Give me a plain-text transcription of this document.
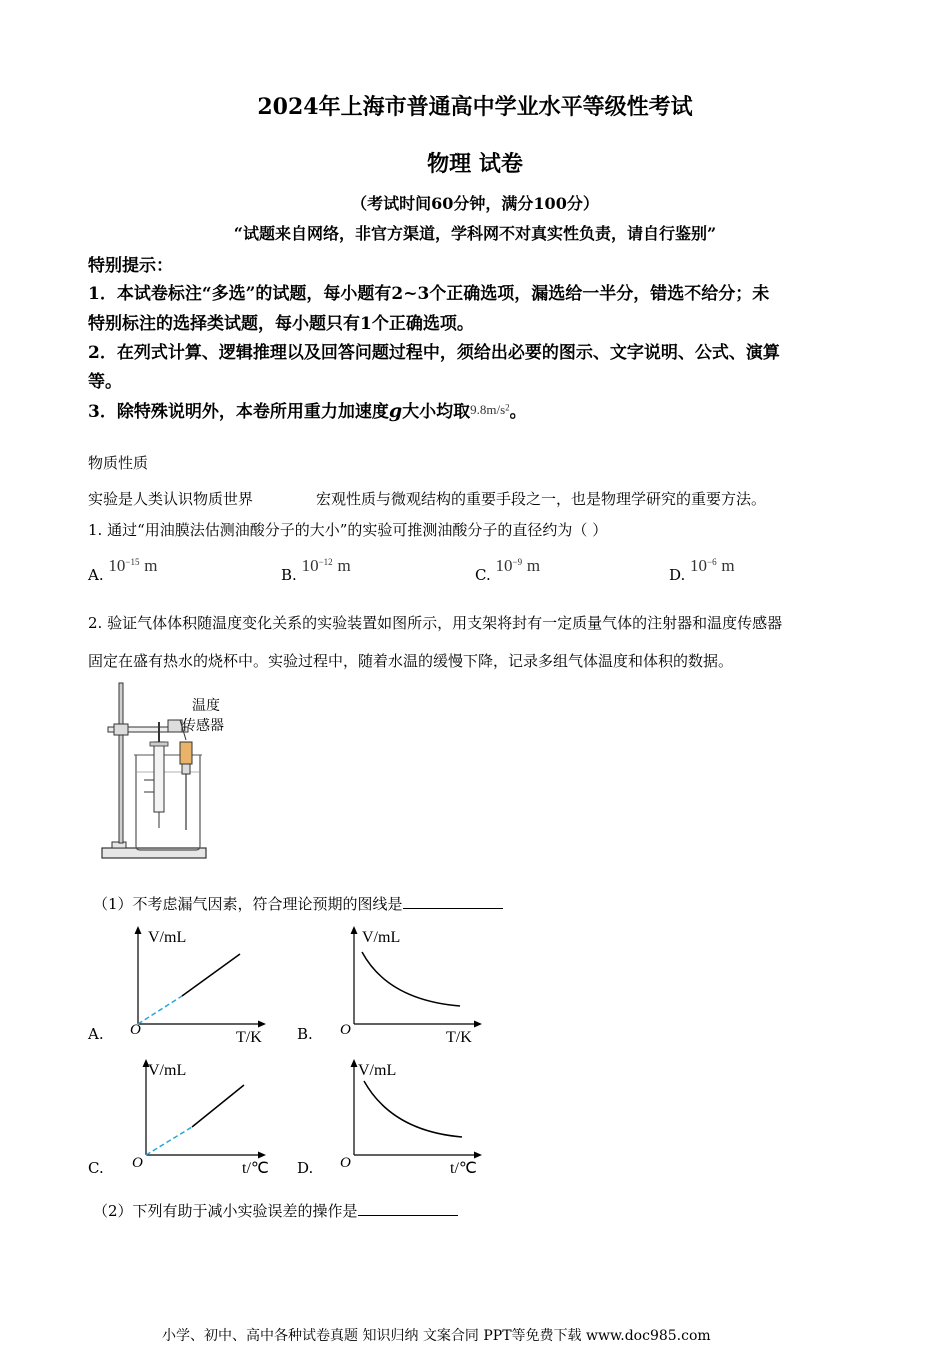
2024年上海市普通高中学业水平等级性考试
物理 试卷
（考试时间60分钟，满分100分）
“试题来自网络，非官方渠道，学科网不对真实性负责，请自行鉴别”
特别提示：
1．本试卷标注“多选”的试题，每小题有2~3个正确选项，漏选给一半分，错选不给分；未
特别标注的选择类试题，每小题只有1个正确选项。
2．在列式计算、逻辑推理以及回答问题过程中，须给出必要的图示、文字说明、公式、演算
等。
3．除特殊说明外，本卷所用重力加速度g大小均取$9.8m/s^2$。
物质性质
实验是人类认识物质世界	宏观性质与微观结构的重要手段之一，也是物理学研究的重要方法。
1. 通过“用油膜法估测油酸分子的大小”的实验可推测油酸分子的直径约为（ ）
A. $10^{-15}$ m	B. $10^{-12}$ m	C. $10^{-9}$ m	D. $10^{-6}$ m
2. 验证气体体积随温度变化关系的实验装置如图所示，用支架将封有一定质量气体的注射器和温度传感器
固定在盛有热水的烧杯中。实验过程中，随着水温的缓慢下降，记录多组气体温度和体积的数据。
温度
传感器
（1）不考虑漏气因素，符合理论预期的图线是
A.
V/mL
T/K
O	B.
V/mL
T/K
O
C.
V/mL
t/℃
O	D.
V/mL
t/℃
O
（2）下列有助于减小实验误差的操作是
小学、初中、高中各种试卷真题 知识归纳 文案合同 PPT等免费下载 www.doc985.com
